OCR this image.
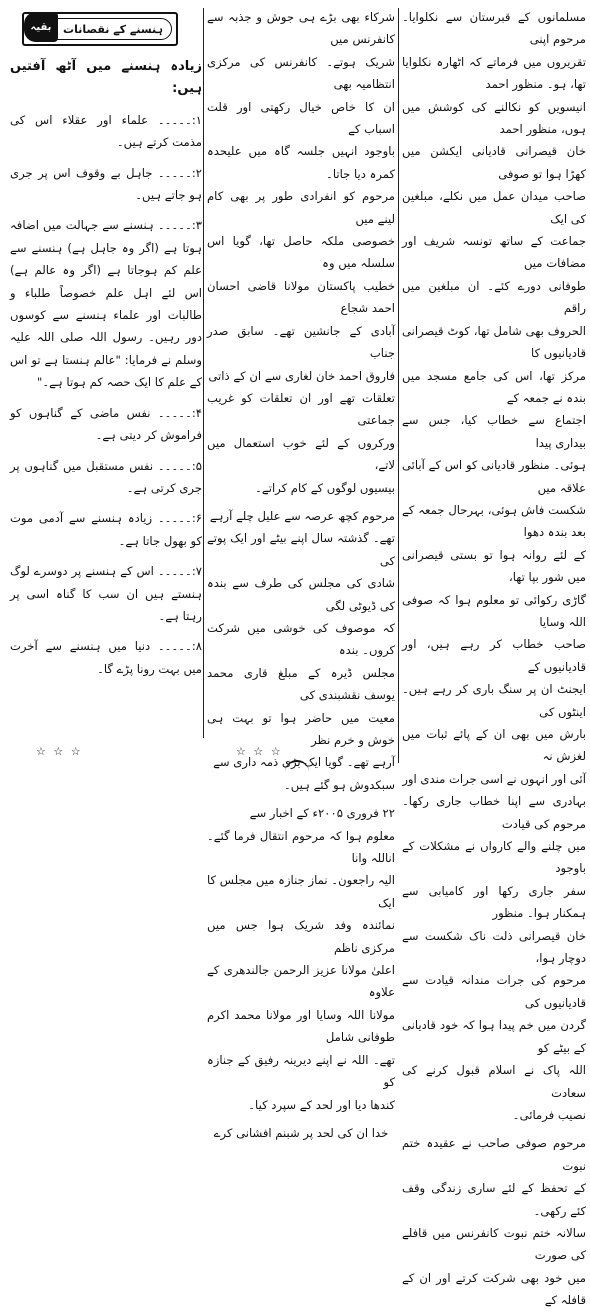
مسلمانوں کے قبرستان سے نکلوایا۔ مرحوم اپنی

تقریروں میں فرماتے کہ اٹھارہ نکلوایا تھا، ہو۔ منظور احمد

انیسویں کو نکالنے کی کوشش میں ہوں، منظور احمد

خان قیصرانی قادیانی ایکشن میں کھڑا ہوا تو صوفی

صاحب میدان عمل میں نکلے، مبلغین کی ایک

جماعت کے ساتھ تونسہ شریف اور مضافات میں

طوفانی دورے کئے۔ ان مبلغین میں راقم

الحروف بھی شامل تھا، کوٹ قیصرانی قادیانیوں کا

مرکز تھا، اس کی جامع مسجد میں بندہ نے جمعہ کے

اجتماع سے خطاب کیا، جس سے بیداری پیدا

ہوئی۔ منظور قادیانی کو اس کے آبائی علاقہ میں

شکست فاش ہوئی، بہرحال جمعہ کے بعد بندہ دھوا

کے لئے روانہ ہوا تو بستی قیصرانی میں شور بپا تھا،

گاڑی رکوائی تو معلوم ہوا کہ صوفی اللہ وسایا

صاحب خطاب کر رہے ہیں، اور قادیانیوں کے

ایجنٹ ان پر سنگ باری کر رہے ہیں۔ اینٹوں کی

بارش میں بھی ان کے پائے ثبات میں لغزش نہ

آئی اور انہوں نے اسی جرات مندی اور

بہادری سے اپنا خطاب جاری رکھا۔ مرحوم کی قیادت

میں چلنے والے کارواں نے مشکلات کے باوجود

سفر جاری رکھا اور کامیابی سے ہمکنار ہوا۔ منظور

خان قیصرانی ذلت ناک شکست سے دوچار ہوا،

مرحوم کی جرات مندانہ قیادت سے قادیانیوں کی

گردن میں خم پیدا ہوا کہ خود قادیانی کے بیٹے کو

اللہ پاک نے اسلام قبول کرنے کی سعادت

نصیب فرمائی۔

مرحوم صوفی صاحب نے عقیدہ ختم نبوت

کے تحفظ کے لئے ساری زندگی وقف کئے رکھی۔

سالانہ ختم نبوت کانفرنس میں قافلے کی صورت

میں خود بھی شرکت کرتے اور ان کے قافلہ کے

شرکاء بھی بڑے ہی جوش و جذبہ سے کانفرنس میں

شریک ہوتے۔ کانفرنس کی مرکزی انتظامیہ بھی

ان کا خاص خیال رکھتی اور قلت اسباب کے

باوجود انہیں جلسہ گاہ میں علیحدہ کمرہ دیا جاتا۔

مرحوم کو انفرادی طور پر بھی کام لینے میں

خصوصی ملکہ حاصل تھا، گویا اس سلسلہ میں وہ

خطیب پاکستان مولانا قاضی احسان احمد شجاع

آبادی کے جانشین تھے۔ سابق صدر جناب

فاروق احمد خان لغاری سے ان کے ذاتی

تعلقات تھے اور ان تعلقات کو غریب جماعتی

ورکروں کے لئے خوب استعمال میں لاتے،

بیسیوں لوگوں کے کام کراتے۔

مرحوم کچھ عرصہ سے علیل چلے آرہے

تھے۔ گذشتہ سال اپنے بیٹے اور ایک پوتے کی

شادی کی مجلس کی طرف سے بندہ کی ڈیوٹی لگی

کہ موصوف کی خوشی میں شرکت کروں۔ بندہ

مجلس ڈیرہ کے مبلغ قاری محمد یوسف نقشبندی کی

معیت میں حاضر ہوا تو بہت ہی خوش و خرم نظر

آرہے تھے۔ گویا ایک بڑی ذمہ داری سے

سبکدوش ہو گئے ہیں۔

۲۲ فروری ۲۰۰۵ء کے اخبار سے

معلوم ہوا کہ مرحوم انتقال فرما گئے۔ اناللہ وانا

الیہ راجعون۔ نماز جنازہ میں مجلس کا ایک

نمائندہ وفد شریک ہوا جس میں مرکزی ناظم

اعلیٰ مولانا عزیز الرحمن جالندھری کے علاوہ

مولانا اللہ وسایا اور مولانا محمد اکرم طوفانی شامل

تھے۔ اللہ نے اپنے دیرینہ رفیق کے جنازہ کو

کندھا دیا اور لحد کے سپرد کیا۔

خدا ان کی لحد پر شبنم افشانی کرے

ہنسنے کے نقصانات
بقیہ

زیادہ ہنسنے میں آٹھ آفتیں ہیں:

۱:۔۔۔۔۔ علماء اور عقلاء اس کی مذمت کرتے ہیں۔

۲:۔۔۔۔۔ جاہل بے وقوف اس پر جری ہو جاتے ہیں۔

۳:۔۔۔۔۔ ہنسنے سے جہالت میں اضافہ ہوتا ہے (اگر وہ جاہل ہے) ہنسنے سے علم کم ہوجاتا ہے (اگر وہ عالم ہے) اس لئے اہل علم خصوصاً طلباء و طالبات اور علماء ہنسنے سے کوسوں دور رہیں۔ رسول اللہ صلی اللہ علیہ وسلم نے فرمایا: "عالم ہنستا ہے تو اس کے علم کا ایک حصہ کم ہوتا ہے۔"

۴:۔۔۔۔۔ نفس ماضی کے گناہوں کو فراموش کر دیتی ہے۔

۵:۔۔۔۔۔ نفس مستقبل میں گناہوں پر جری کرتی ہے۔

۶:۔۔۔۔۔ زیادہ ہنسنے سے آدمی موت کو بھول جاتا ہے۔

۷:۔۔۔۔۔ اس کے ہنسنے پر دوسرے لوگ ہنستے ہیں ان سب کا گناہ اسی پر رہتا ہے۔

۸:۔۔۔۔۔ دنیا میں ہنسنے سے آخرت میں بہت رونا پڑے گا۔

☆ ☆ ☆	☆ ☆ ☆
